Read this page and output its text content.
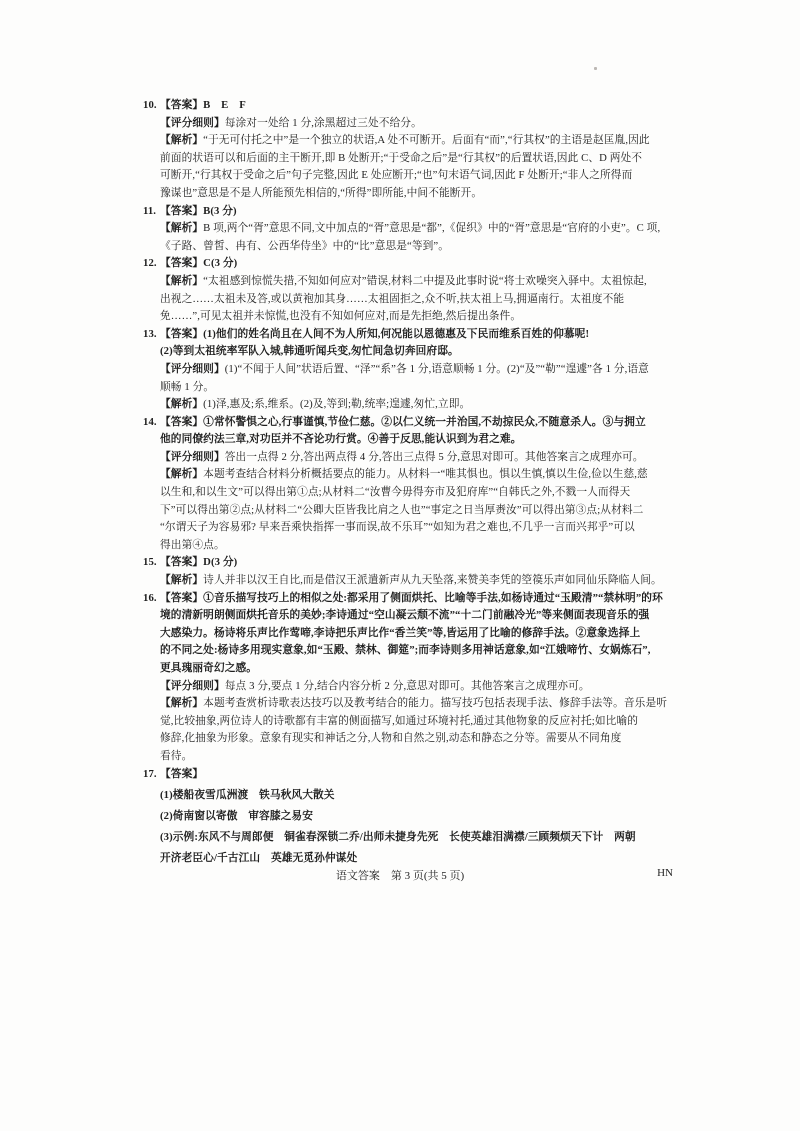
10. 【答案】B　E　F
【评分细则】每涂对一处给 1 分,涂黑超过三处不给分。
【解析】“于无可付托之中”是一个独立的状语,A 处不可断开。后面有“而”,“行其权”的主语是赵匡胤,因此
前面的状语可以和后面的主干断开,即 B 处断开;“于受命之后”是“行其权”的后置状语,因此 C、D 两处不
可断开,“行其权于受命之后”句子完整,因此 E 处应断开;“也”句末语气词,因此 F 处断开;“非人之所得而
豫谋也”意思是不是人所能预先相信的,“所得”即所能,中间不能断开。
11. 【答案】B(3 分)
【解析】B 项,两个“胥”意思不同,文中加点的“胥”意思是“都”,《促织》中的“胥”意思是“官府的小吏”。C 项,
《子路、曾皙、冉有、公西华侍坐》中的“比”意思是“等到”。
12. 【答案】C(3 分)
【解析】“太祖感到惊慌失措,不知如何应对”错误,材料二中提及此事时说“将士欢噪突入驿中。太祖惊起,
出视之……太祖未及答,或以黄袍加其身……太祖固拒之,众不听,扶太祖上马,拥逼南行。太祖度不能
免……”,可见太祖并未惊慌,也没有不知如何应对,而是先拒绝,然后提出条件。
13. 【答案】(1)他们的姓名尚且在人间不为人所知,何况能以恩德惠及下民而维系百姓的仰慕呢!
(2)等到太祖统率军队入城,韩通听闻兵变,匆忙间急切奔回府邸。
【评分细则】(1)“不闻于人间”状语后置、“泽”“系”各 1 分,语意顺畅 1 分。(2)“及”“勒”“遑遽”各 1 分,语意
顺畅 1 分。
【解析】(1)泽,惠及;系,维系。(2)及,等到;勒,统率;遑遽,匆忙,立即。
14. 【答案】①常怀警惧之心,行事谨慎,节俭仁慈。②以仁义统一并治国,不劫掠民众,不随意杀人。③与拥立
他的同僚约法三章,对功臣并不吝论功行赏。④善于反思,能认识到为君之难。
【评分细则】答出一点得 2 分,答出两点得 4 分,答出三点得 5 分,意思对即可。其他答案言之成理亦可。
【解析】本题考查结合材料分析概括要点的能力。从材料一“唯其惧也。惧以生慎,慎以生俭,俭以生慈,慈
以生和,和以生文”可以得出第①点;从材料二“汝曹今毋得夯市及犯府库”“自韩氏之外,不戮一人而得天
下”可以得出第②点;从材料二“公卿大臣皆我比肩之人也”“事定之日当厚赉汝”可以得出第③点;从材料二
“尔谓天子为容易邪? 早来吾乘快指挥一事而误,故不乐耳”“如知为君之难也,不几乎一言而兴邦乎”可以
得出第④点。
15. 【答案】D(3 分)
【解析】诗人并非以汉王自比,而是借汉王派遣新声从九天坠落,来赞美李凭的箜篌乐声如同仙乐降临人间。
16. 【答案】①音乐描写技巧上的相似之处:都采用了侧面烘托、比喻等手法,如杨诗通过“玉殿清”“禁林明”的环
境的清新明朗侧面烘托音乐的美妙;李诗通过“空山凝云颓不流”“十二门前融冷光”等来侧面表现音乐的强
大感染力。杨诗将乐声比作莺啼,李诗把乐声比作“香兰笑”等,皆运用了比喻的修辞手法。②意象选择上
的不同之处:杨诗多用现实意象,如“玉殿、禁林、御筵”;而李诗则多用神话意象,如“江娥啼竹、女娲炼石”,
更具瑰丽奇幻之感。
【评分细则】每点 3 分,要点 1 分,结合内容分析 2 分,意思对即可。其他答案言之成理亦可。
【解析】本题考查赏析诗歌表达技巧以及教考结合的能力。描写技巧包括表现手法、修辞手法等。音乐是听
觉,比较抽象,两位诗人的诗歌都有丰富的侧面描写,如通过环境衬托,通过其他物象的反应衬托;如比喻的
修辞,化抽象为形象。意象有现实和神话之分,人物和自然之别,动态和静态之分等。需要从不同角度
看待。
17. 【答案】
(1)楼船夜雪瓜洲渡　铁马秋风大散关
(2)倚南窗以寄傲　审容膝之易安
(3)示例:东风不与周郎便　铜雀春深锁二乔/出师未捷身先死　长使英雄泪满襟/三顾频烦天下计　两朝
开济老臣心/千古江山　英雄无觅孙仲谋处
语文答案　第 3 页(共 5 页)	HN
